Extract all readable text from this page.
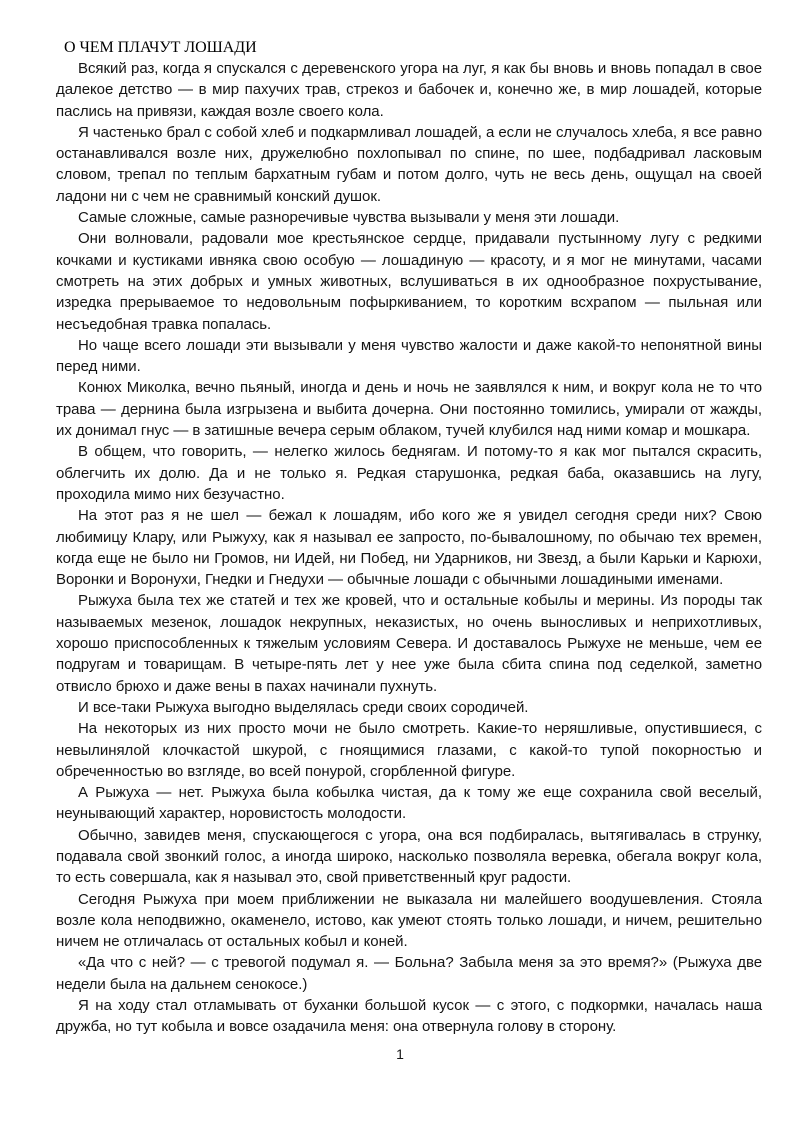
О ЧЕМ ПЛАЧУТ ЛОШАДИ

Всякий раз, когда я спускался с деревенского угора на луг, я как бы вновь и вновь попадал в свое далекое детство — в мир пахучих трав, стрекоз и бабочек и, конечно же, в мир лошадей, которые паслись на привязи, каждая возле своего кола.

Я частенько брал с собой хлеб и подкармливал лошадей, а если не случалось хлеба, я все равно останавливался возле них, дружелюбно похлопывал по спине, по шее, подбадривал ласковым словом, трепал по теплым бархатным губам и потом долго, чуть не весь день, ощущал на своей ладони ни с чем не сравнимый конский душок.

Самые сложные, самые разноречивые чувства вызывали у меня эти лошади.

Они волновали, радовали мое крестьянское сердце, придавали пустынному лугу с редкими кочками и кустиками ивняка свою особую — лошадиную — красоту, и я мог не минутами, часами смотреть на этих добрых и умных животных, вслушиваться в их однообразное похрустывание, изредка прерываемое то недовольным пофыркиванием, то коротким всхрапом — пыльная или несъедобная травка попалась.

Но чаще всего лошади эти вызывали у меня чувство жалости и даже какой-то непонятной вины перед ними.

Конюх Миколка, вечно пьяный, иногда и день и ночь не заявлялся к ним, и вокруг кола не то что трава — дернина была изгрызена и выбита дочерна. Они постоянно томились, умирали от жажды, их донимал гнус — в затишные вечера серым облаком, тучей клубился над ними комар и мошкара.

В общем, что говорить, — нелегко жилось беднягам. И потому-то я как мог пытался скрасить, облегчить их долю. Да и не только я. Редкая старушонка, редкая баба, оказавшись на лугу, проходила мимо них безучастно.

На этот раз я не шел — бежал к лошадям, ибо кого же я увидел сегодня среди них? Свою любимицу Клару, или Рыжуху, как я называл ее запросто, по-бывалошному, по обычаю тех времен, когда еще не было ни Громов, ни Идей, ни Побед, ни Ударников, ни Звезд, а были Карьки и Карюхи, Воронки и Воронухи, Гнедки и Гнедухи — обычные лошади с обычными лошадиными именами.

Рыжуха была тех же статей и тех же кровей, что и остальные кобылы и мерины. Из породы так называемых мезенок, лошадок некрупных, неказистых, но очень выносливых и неприхотливых, хорошо приспособленных к тяжелым условиям Севера. И доставалось Рыжухе не меньше, чем ее подругам и товарищам. В четыре-пять лет у нее уже была сбита спина под седелкой, заметно отвисло брюхо и даже вены в пахах начинали пухнуть.

И все-таки Рыжуха выгодно выделялась среди своих сородичей.

На некоторых из них просто мочи не было смотреть. Какие-то неряшливые, опустившиеся, с невылинялой клочкастой шкурой, с гноящимися глазами, с какой-то тупой покорностью и обреченностью во взгляде, во всей понурой, сгорбленной фигуре.

А Рыжуха — нет. Рыжуха была кобылка чистая, да к тому же еще сохранила свой веселый, неунывающий характер, норовистость молодости.

Обычно, завидев меня, спускающегося с угора, она вся подбиралась, вытягивалась в струнку, подавала свой звонкий голос, а иногда широко, насколько позволяла веревка, обегала вокруг кола, то есть совершала, как я называл это, свой приветственный круг радости.

Сегодня Рыжуха при моем приближении не выказала ни малейшего воодушевления. Стояла возле кола неподвижно, окаменело, истово, как умеют стоять только лошади, и ничем, решительно ничем не отличалась от остальных кобыл и коней.

«Да что с ней? — с тревогой подумал я. — Больна? Забыла меня за это время?» (Рыжуха две недели была на дальнем сенокосе.)

Я на ходу стал отламывать от буханки большой кусок — с этого, с подкормки, началась наша дружба, но тут кобыла и вовсе озадачила меня: она отвернула голову в сторону.

1
